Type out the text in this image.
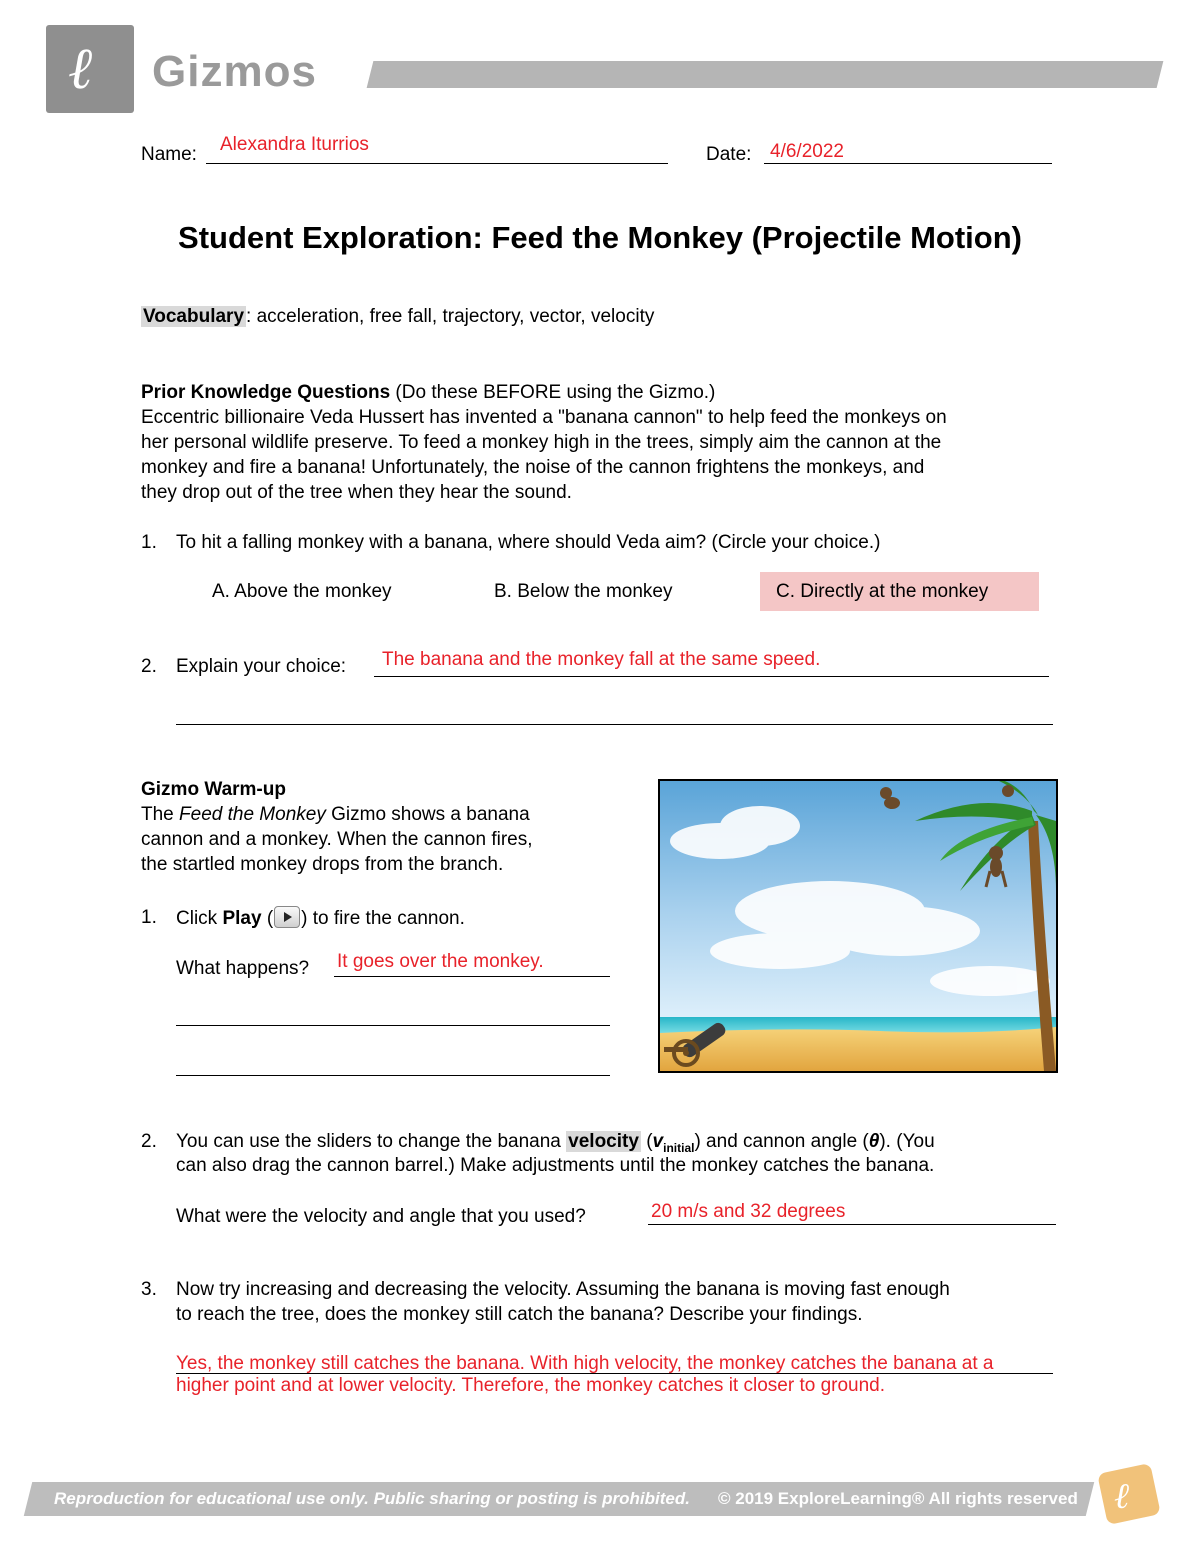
ℓ Gizmos
Name: Alexandra Iturrios	Date: 4/6/2022
Student Exploration: Feed the Monkey (Projectile Motion)
Vocabulary : acceleration, free fall, trajectory, vector, velocity
Prior Knowledge Questions (Do these BEFORE using the Gizmo.)
Eccentric billionaire Veda Hussert has invented a "banana cannon" to help feed the monkeys on
her personal wildlife preserve. To feed a monkey high in the trees, simply aim the cannon at the
monkey and fire a banana! Unfortunately, the noise of the cannon frightens the monkeys, and
they drop out of the tree when they hear the sound.
1. To hit a falling monkey with a banana, where should Veda aim? (Circle your choice.)
A. Above the monkey	B. Below the monkey	C. Directly at the monkey
2. Explain your choice: The banana and the monkey fall at the same speed.
Gizmo Warm-up
The Feed the Monkey Gizmo shows a banana
cannon and a monkey. When the cannon fires,
the startled monkey drops from the branch.
1. Click Play ( ) to fire the cannon.
What happens? It goes over the monkey.
2. You can use the sliders to change the banana velocity $(v_{initial})$ and cannon angle (θ). (You
can also drag the cannon barrel.) Make adjustments until the monkey catches the banana.
What were the velocity and angle that you used?	20 m/s and 32 degrees
3. Now try increasing and decreasing the velocity. Assuming the banana is moving fast enough
to reach the tree, does the monkey still catch the banana? Describe your findings.
Yes, the monkey still catches the banana. With high velocity, the monkey catches the banana at a
higher point and at lower velocity. Therefore, the monkey catches it closer to ground.
Reproduction for educational use only. Public sharing or posting is prohibited. © 2019 ExploreLearning® All rights reserved ℓ
